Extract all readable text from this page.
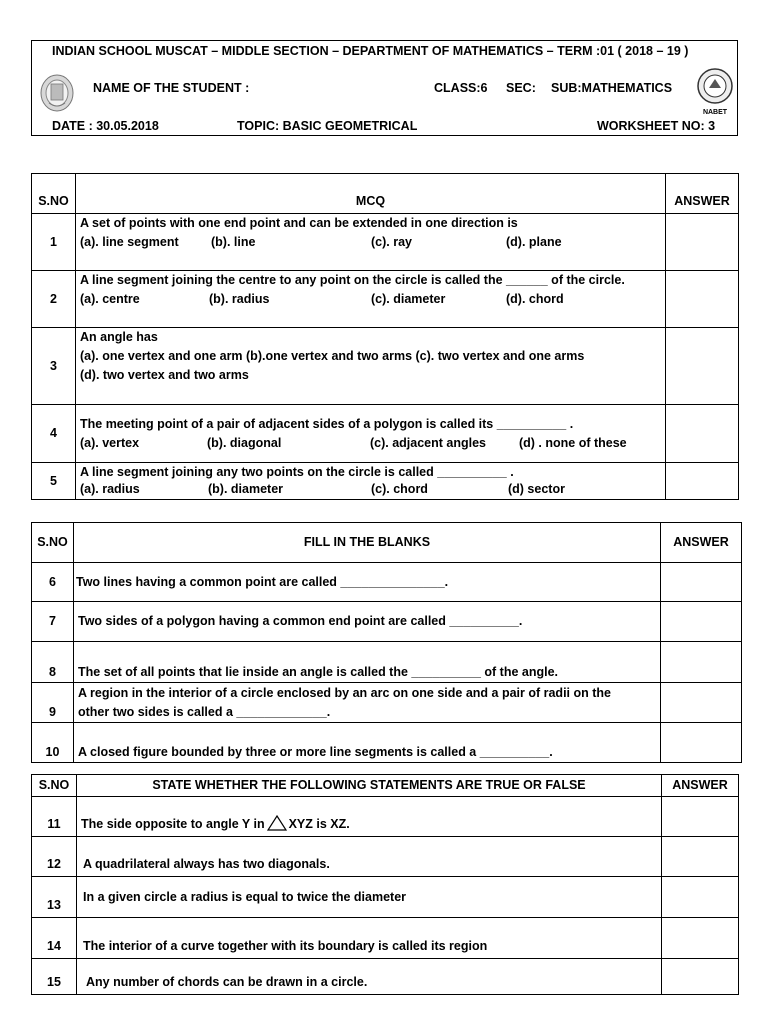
INDIAN SCHOOL MUSCAT – MIDDLE SECTION – DEPARTMENT OF MATHEMATICS – TERM :01 ( 2018 – 19 )
NAME OF THE STUDENT :	CLASS:6 SEC: SUB:MATHEMATICS
NABET
DATE : 30.05.2018	TOPIC: BASIC GEOMETRICAL	WORKSHEET NO: 3
S.NO	MCQ	ANSWER
1	A set of points with one end point and can be extended in one direction is
(a). line segment (b). line (c). ray (d). plane	

2	A line segment joining the centre to any point on the circle is called the ______ of the circle.
(a). centre (b). radius (c). diameter (d). chord	

3	An angle has
(a). one vertex and one arm (b).one vertex and two arms (c). two vertex and one arms
(d). two vertex and two arms	

4	The meeting point of a pair of adjacent sides of a polygon is called its __________ .
(a). vertex (b). diagonal (c). adjacent angles (d) . none of these	

5	A line segment joining any two points on the circle is called __________ .
(a). radius (b). diameter (c). chord (d) sector	

S.NO	FILL IN THE BLANKS	ANSWER
6	Two lines having a common point are called _______________.	
7	Two sides of a polygon having a common end point are called __________.	
8	The set of all points that lie inside an angle is called the __________ of the angle.	
9	A region in the interior of a circle enclosed by an arc on one side and a pair of radii on the
other two sides is called a _____________.	

10	A closed figure bounded by three or more line segments is called a __________.	
S.NO	STATE WHETHER THE FOLLOWING STATEMENTS ARE TRUE OR FALSE	ANSWER
11	The side opposite to angle Y in XYZ is XZ.	
12	A quadrilateral always has two diagonals.	
13	In a given circle a radius is equal to twice the diameter	
14	The interior of a curve together with its boundary is called its region	
15	Any number of chords can be drawn in a circle.	
